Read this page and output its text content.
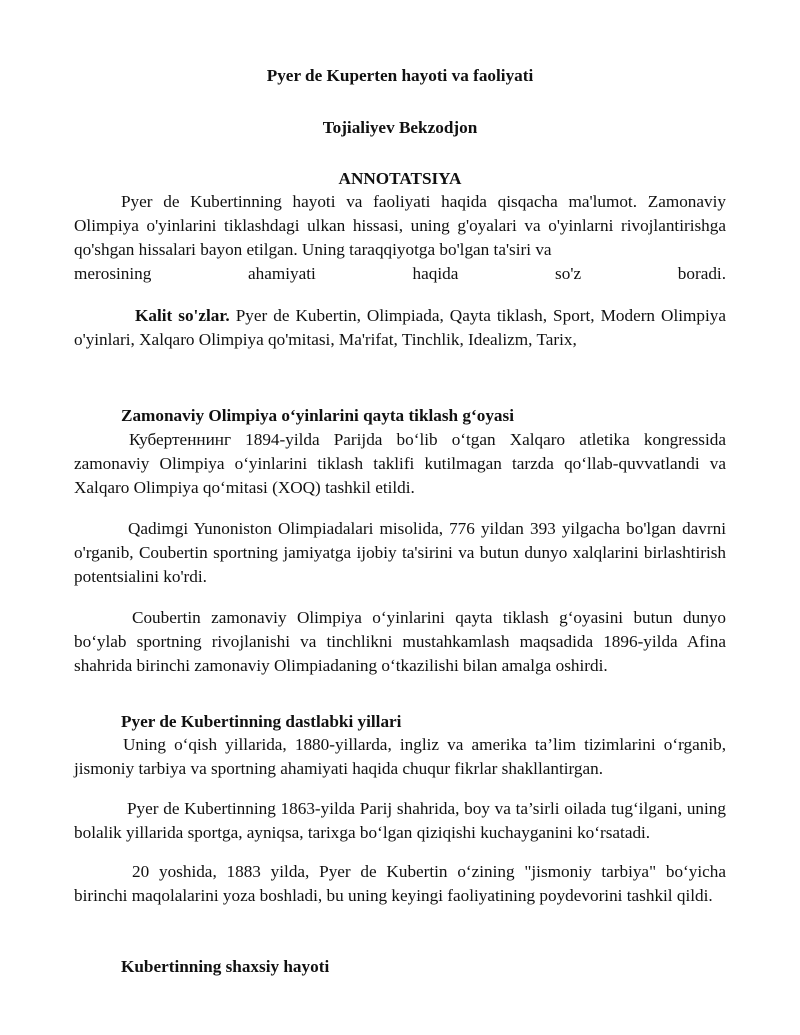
Pyer de Kuperten hayoti va faoliyati
Tojialiyev Bekzodjon
ANNOTATSIYA
Pyer de Kubertinning hayoti va faoliyati haqida qisqacha ma'lumot. Zamonaviy Olimpiya o'yinlarini tiklashdagi ulkan hissasi, uning g'oyalari va o'yinlarni rivojlantirishga qo'shgan hissalari bayon etilgan. Uning taraqqiyotga bo'lgan ta'siri va
merosining ahamiyati haqida so'z boradi.
Kalit so'zlar. Pyer de Kubertin, Olimpiada, Qayta tiklash, Sport, Modern Olimpiya o'yinlari, Xalqaro Olimpiya qo'mitasi, Ma'rifat, Tinchlik, Idealizm, Tarix,
Zamonaviy Olimpiya o‘yinlarini qayta tiklash g‘oyasi
Кубертеннинг 1894-yilda Parijda bo‘lib o‘tgan Xalqaro atletika kongressida zamonaviy Olimpiya o‘yinlarini tiklash taklifi kutilmagan tarzda qo‘llab-quvvatlandi va Xalqaro Olimpiya qo‘mitasi (XOQ) tashkil etildi.
Qadimgi Yunoniston Olimpiadalari misolida, 776 yildan 393 yilgacha bo'lgan davrni o'rganib, Coubertin sportning jamiyatga ijobiy ta'sirini va butun dunyo xalqlarini birlashtirish potentsialini ko'rdi.
Coubertin zamonaviy Olimpiya o‘yinlarini qayta tiklash g‘oyasini butun dunyo bo‘ylab sportning rivojlanishi va tinchlikni mustahkamlash maqsadida 1896-yilda Afina shahrida birinchi zamonaviy Olimpiadaning o‘tkazilishi bilan amalga oshirdi.
Pyer de Kubertinning dastlabki yillari
Uning o‘qish yillarida, 1880-yillarda, ingliz va amerika ta’lim tizimlarini o‘rganib, jismoniy tarbiya va sportning ahamiyati haqida chuqur fikrlar shakllantirgan.
Pyer de Kubertinning 1863-yilda Parij shahrida, boy va ta’sirli oilada tug‘ilgani, uning bolalik yillarida sportga, ayniqsa, tarixga bo‘lgan qiziqishi kuchayganini ko‘rsatadi.
20 yoshida, 1883 yilda, Pyer de Kubertin o‘zining "jismoniy tarbiya" bo‘yicha birinchi maqolalarini yoza boshladi, bu uning keyingi faoliyatining poydevorini tashkil qildi.
Kubertinning shaxsiy hayoti
